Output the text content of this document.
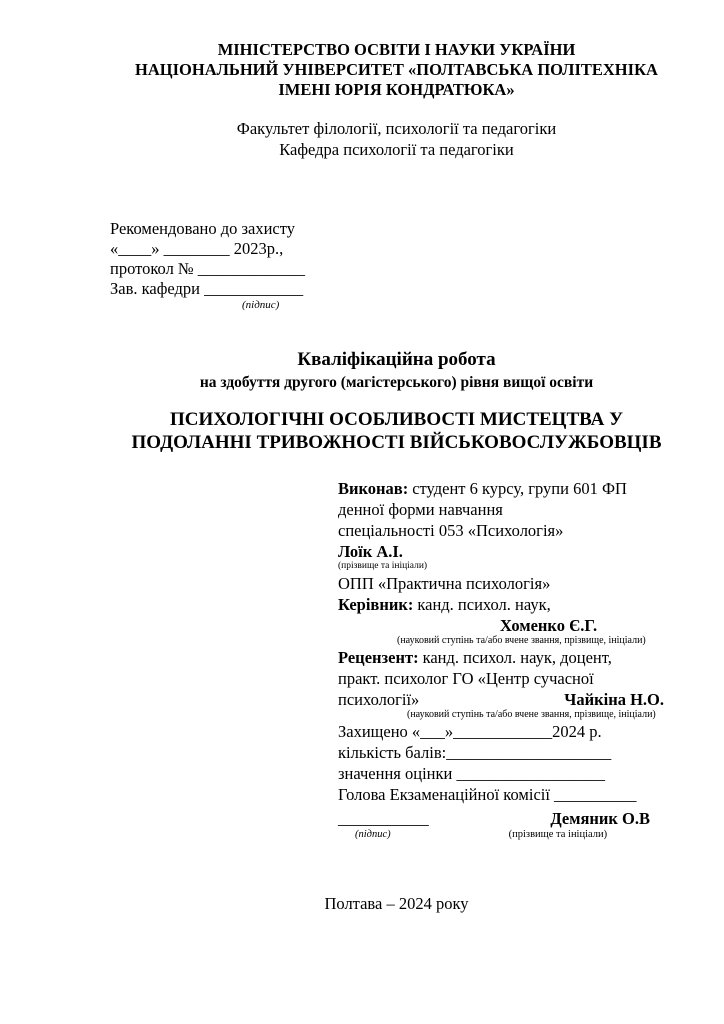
МІНІСТЕРСТВО ОСВІТИ І НАУКИ УКРАЇНИ
НАЦІОНАЛЬНИЙ УНІВЕРСИТЕТ «ПОЛТАВСЬКА ПОЛІТЕХНІКА
ІМЕНІ ЮРІЯ КОНДРАТЮКА»
Факультет філології, психології та педагогіки
Кафедра психології та педагогіки
Рекомендовано до захисту
«____» ________ 2023р.,
протокол № _____________
Зав. кафедри ____________
(підпис)
Кваліфікаційна робота
на здобуття другого (магістерського) рівня вищої освіти
ПСИХОЛОГІЧНІ ОСОБЛИВОСТІ МИСТЕЦТВА У
ПОДОЛАННІ ТРИВОЖНОСТІ ВІЙСЬКОВОСЛУЖБОВЦІВ
Виконав: студент 6 курсу, групи 601 ФП
денної форми навчання
спеціальності 053 «Психологія»
Лоїк А.І.
(прізвище та ініціали)
ОПП «Практична психологія»
Керівник: канд. психол. наук,
Хоменко Є.Г.
(науковий ступінь та/або вчене звання, прізвище, ініціали)
Рецензент: канд. психол. наук, доцент,
практ. психолог ГО «Центр сучасної
психології»	Чайкіна Н.О.
(науковий ступінь та/або вчене звання, прізвище, ініціали)
Захищено «___»____________2024 р.
кількість балів:____________________
значення оцінки __________________
Голова Екзаменаційної комісії __________
___________	Демяник О.В
(підпис)	(прізвище та ініціали)
Полтава – 2024 року
